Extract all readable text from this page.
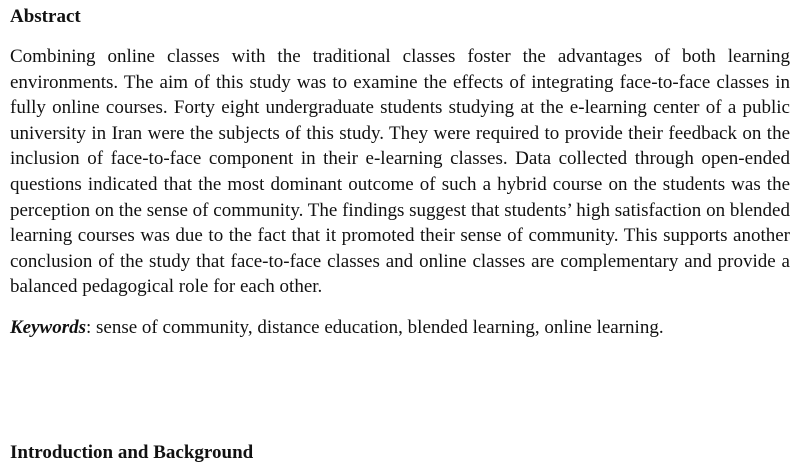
Abstract

Combining online classes with the traditional classes foster the advantages of both learning environments. The aim of this study was to examine the effects of integrating face-to-face classes in fully online courses. Forty eight undergraduate students studying at the e-learning center of a public university in Iran were the subjects of this study. They were required to provide their feedback on the inclusion of face-to-face component in their e-learning classes. Data collected through open-ended questions indicated that the most dominant outcome of such a hybrid course on the students was the perception on the sense of community. The findings suggest that students’ high satisfaction on blended learning courses was due to the fact that it promoted their sense of community. This supports another conclusion of the study that face-to-face classes and online classes are complementary and provide a balanced pedagogical role for each other.

Keywords: sense of community, distance education, blended learning, online learning.

Introduction and Background
